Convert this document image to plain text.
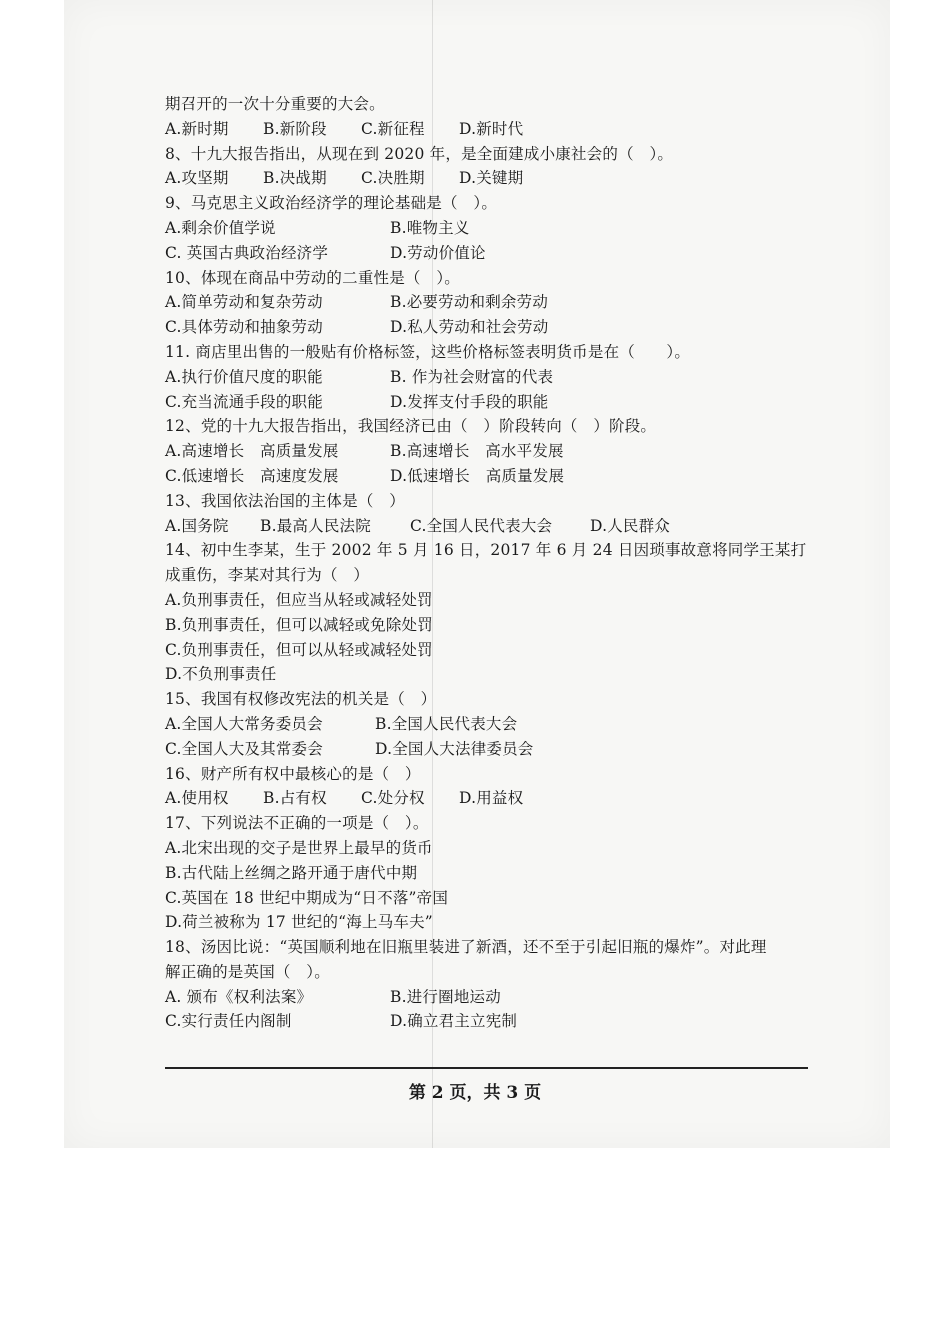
期召开的一次十分重要的大会。
A.新时期	B.新阶段	C.新征程	D.新时代
8、十九大报告指出，从现在到 2020 年，是全面建成小康社会的（　）。
A.攻坚期	B.决战期	C.决胜期	D.关键期
9、马克思主义政治经济学的理论基础是（　）。
A.剩余价值学说	B.唯物主义
C. 英国古典政治经济学	D.劳动价值论
10、体现在商品中劳动的二重性是（　）。
A.简单劳动和复杂劳动	B.必要劳动和剩余劳动
C.具体劳动和抽象劳动	D.私人劳动和社会劳动
11. 商店里出售的一般贴有价格标签，这些价格标签表明货币是在（　　）。
A.执行价值尺度的职能	B. 作为社会财富的代表
C.充当流通手段的职能	D.发挥支付手段的职能
12、党的十九大报告指出，我国经济已由（　）阶段转向（　）阶段。
A.高速增长　高质量发展	B.高速增长　高水平发展
C.低速增长　高速度发展	D.低速增长　高质量发展
13、我国依法治国的主体是（　）
A.国务院	B.最高人民法院	C.全国人民代表大会	D.人民群众
14、初中生李某，生于 2002 年 5 月 16 日，2017 年 6 月 24 日因琐事故意将同学王某打
成重伤，李某对其行为（　）
A.负刑事责任，但应当从轻或减轻处罚
B.负刑事责任，但可以减轻或免除处罚
C.负刑事责任，但可以从轻或减轻处罚
D.不负刑事责任
15、我国有权修改宪法的机关是（　）
A.全国人大常务委员会	B.全国人民代表大会
C.全国人大及其常委会	D.全国人大法律委员会
16、财产所有权中最核心的是（　）
A.使用权	B.占有权	C.处分权	D.用益权
17、下列说法不正确的一项是（　）。
A.北宋出现的交子是世界上最早的货币
B.古代陆上丝绸之路开通于唐代中期
C.英国在 18 世纪中期成为“日不落”帝国
D.荷兰被称为 17 世纪的“海上马车夫”
18、汤因比说：“英国顺利地在旧瓶里装进了新酒，还不至于引起旧瓶的爆炸”。对此理
解正确的是英国（　）。
A. 颁布《权利法案》	B.进行圈地运动
C.实行责任内阁制	D.确立君主立宪制
第 2 页，共 3 页
